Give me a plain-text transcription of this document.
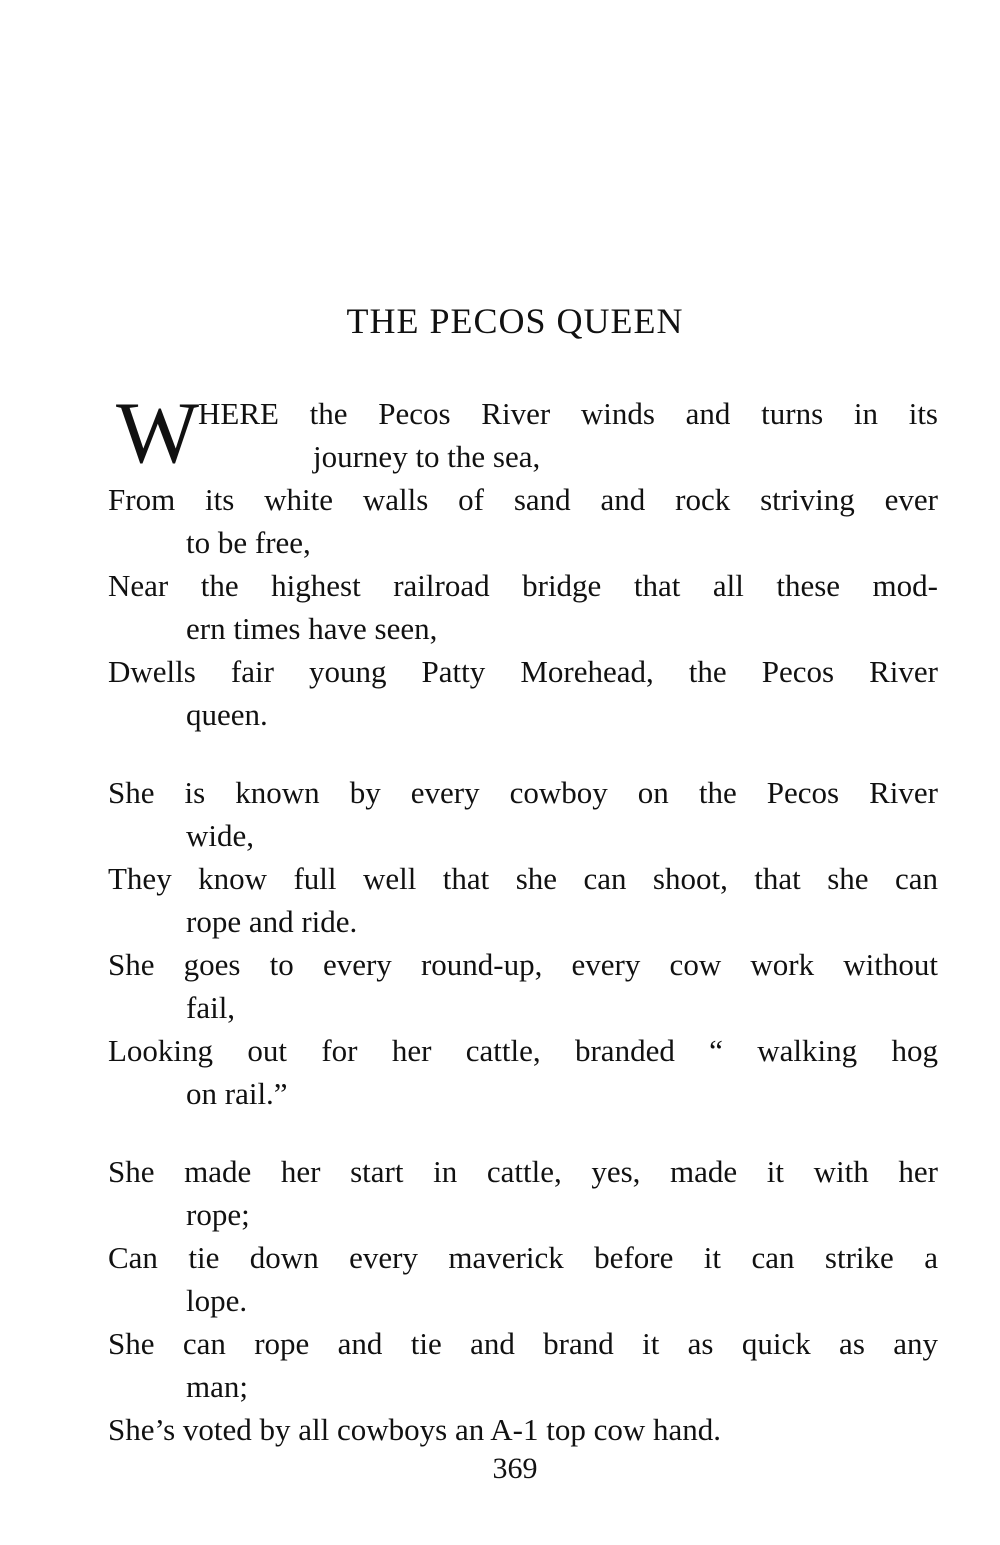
THE PECOS QUEEN
W
HERE the Pecos River winds and turns in its
journey to the sea,
From its white walls of sand and rock striving ever
to be free,
Near the highest railroad bridge that all these mod-
ern times have seen,
Dwells fair young Patty Morehead, the Pecos River
queen.
She is known by every cowboy on the Pecos River
wide,
They know full well that she can shoot, that she can
rope and ride.
She goes to every round-up, every cow work without
fail,
Looking out for her cattle, branded “ walking hog
on rail.”
She made her start in cattle, yes, made it with her
rope;
Can tie down every maverick before it can strike a
lope.
She can rope and tie and brand it as quick as any
man;
She’s voted by all cowboys an A-1 top cow hand.
369
